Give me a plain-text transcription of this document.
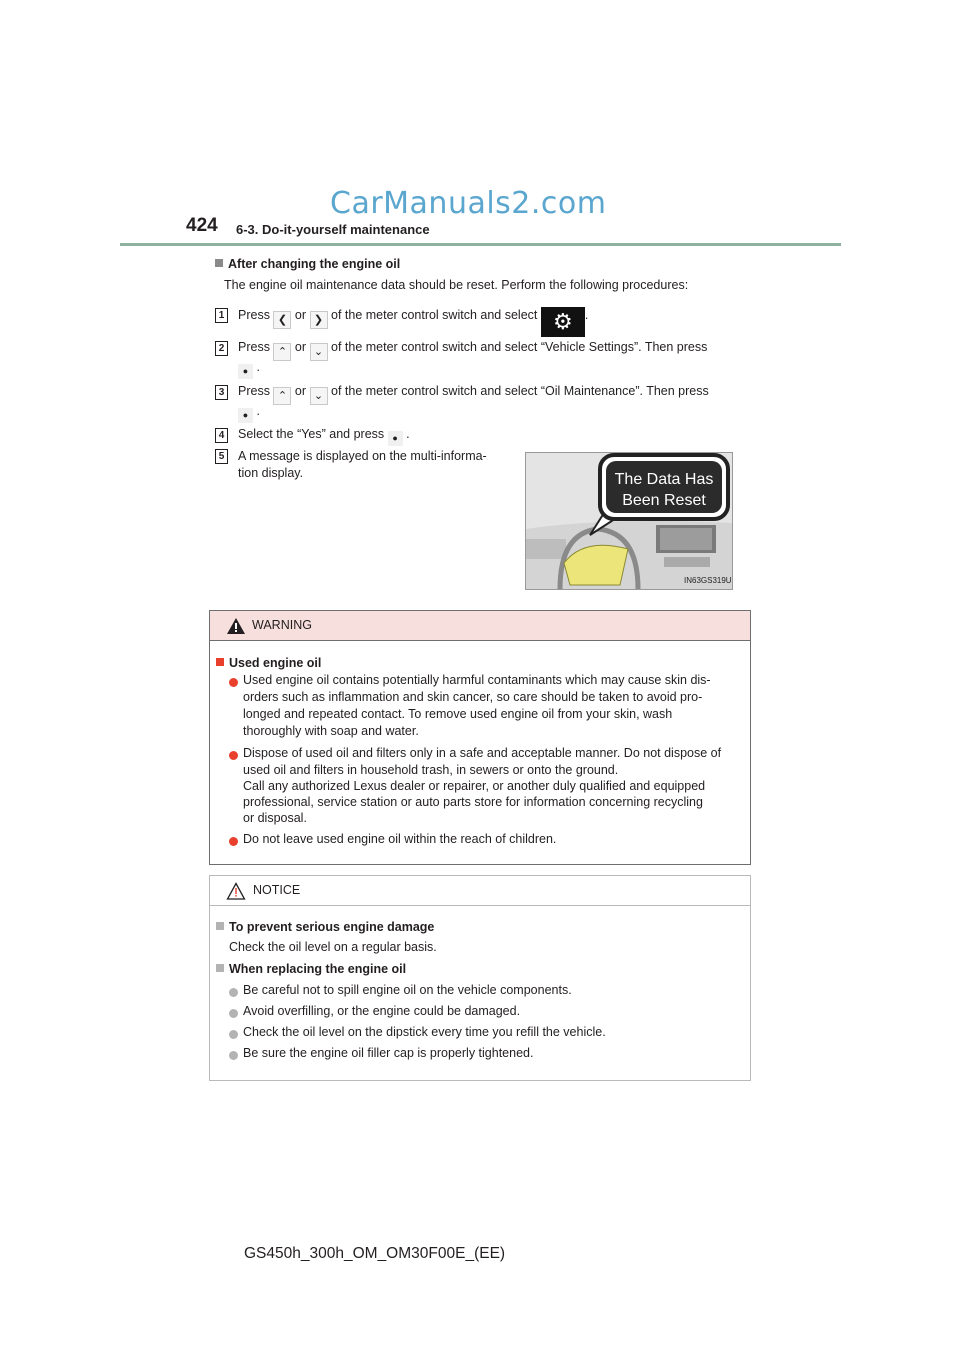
CarManuals2.com
424 6-3. Do-it-yourself maintenance
After changing the engine oil
The engine oil maintenance data should be reset. Perform the following procedures:
1 Press ❮ or ❯ of the meter control switch and select ⚙ .
2 Press ⌃ or ⌄ of the meter control switch and select “Vehicle Settings”. Then press
● .
3 Press ⌃ or ⌄ of the meter control switch and select “Oil Maintenance”. Then press
● .
4 Select the “Yes” and press ● .
5 A message is displayed on the multi-informa-
tion display.	The Data Has
Been Reset
IN63GS319U
WARNING
Used engine oil
Used engine oil contains potentially harmful contaminants which may cause skin dis-
orders such as inflammation and skin cancer, so care should be taken to avoid pro-
longed and repeated contact. To remove used engine oil from your skin, wash
thoroughly with soap and water.
Dispose of used oil and filters only in a safe and acceptable manner. Do not dispose of
used oil and filters in household trash, in sewers or onto the ground.
Call any authorized Lexus dealer or repairer, or another duly qualified and equipped
professional, service station or auto parts store for information concerning recycling
or disposal.
Do not leave used engine oil within the reach of children.
NOTICE
To prevent serious engine damage
Check the oil level on a regular basis.
When replacing the engine oil
Be careful not to spill engine oil on the vehicle components.
Avoid overfilling, or the engine could be damaged.
Check the oil level on the dipstick every time you refill the vehicle.
Be sure the engine oil filler cap is properly tightened.
GS450h_300h_OM_OM30F00E_(EE)
